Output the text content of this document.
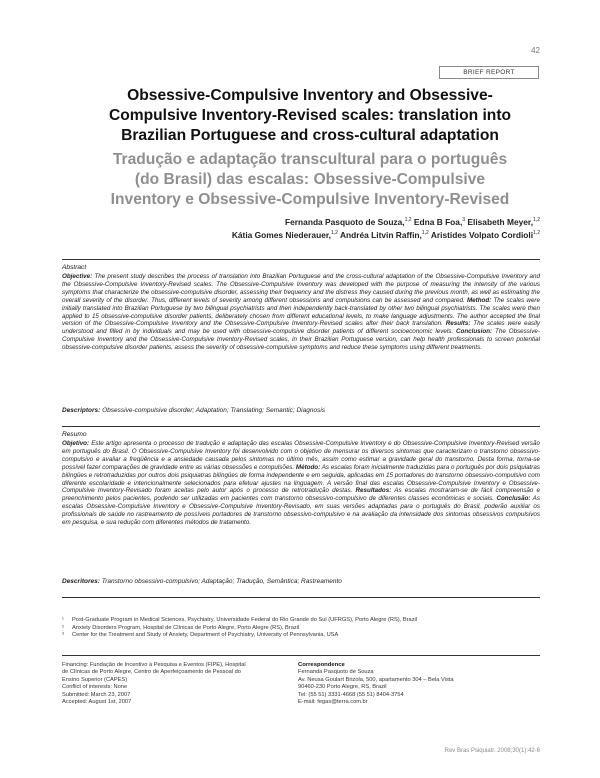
42
BRIEF REPORT
Obsessive-Compulsive Inventory and Obsessive-
Compulsive Inventory-Revised scales: translation into
Brazilian Portuguese and cross-cultural adaptation
Tradução e adaptação transcultural para o português
(do Brasil) das escalas: Obsessive-Compulsive
Inventory e Obsessive-Compulsive Inventory-Revised
Fernanda Pasquoto de Souza,$^{1,2}$ Edna B Foa,$^3$ Elisabeth Meyer,$^{1,2}$
Kátia Gomes Niederauer,$^{1,2}$ Andréa Litvin Raffin,$^{1,2}$ Aristides Volpato Cordioli$^{1,2}$
Abstract
Objective: The present study describes the process of translation into Brazilian Portuguese and the cross-cultural adaptation of the Obsessive-Compulsive Inventory and the Obsessive-Compulsive Inventory-Revised scales. The Obsessive-Compulsive Inventory was developed with the purpose of measuring the intensity of the various symptoms that characterize the obsessive-compulsive disorder, assessing their frequency and the distress they caused during the previous month, as well as estimating the overall severity of the disorder. Thus, different levels of severity among different obsessions and compulsions can be assessed and compared. Method: The scales were initially translated into Brazilian Portuguese by two bilingual psychiatrists and then independently back-translated by other two bilingual psychiatrists. The scales were then applied to 15 obsessive-compulsive disorder patients, deliberately chosen from different educational levels, to make language adjustments. The author accepted the final version of the Obsessive-Compulsive Inventory and the Obsessive-Compulsive Inventory-Revised scales after their back translation. Results: The scales were easily understood and filled in by individuals and may be used with obsessive-compulsive disorder patients of different socioeconomic levels. Conclusion: The Obsessive-Compulsive Inventory and the Obsessive-Compulsive Inventory-Revised scales, in their Brazilian Portuguese version, can help health professionals to screen potential obsessive-compulsive disorder patients, assess the severity of obsessive-compulsive symptoms and reduce these symptoms using different treatments.
Descriptors: Obsessive-compulsive disorder; Adaptation; Translating; Semantic; Diagnosis
Resumo
Objetivo: Este artigo apresenta o processo de tradução e adaptação das escalas Obsessive-Compulsive Inventory e do Obsessive-Compulsive Inventory-Revised versão em português do Brasil. O Obsessive-Compulsive Inventory foi desenvolvido com o objetivo de mensurar os diversos sintomas que caracterizam o transtorno obsessivo-compulsivo e avaliar a freqüência e a ansiedade causada pelos sintomas no último mês, assim como estimar a gravidade geral do transtorno. Desta forma, torna-se possível fazer comparações de gravidade entre as várias obsessões e compulsões. Método: As escalas foram inicialmente traduzidas para o português por dois psiquiatras bilíngües e retrotraduzidas por outros dois psiquiatras bilíngües de forma independente e em seguida, aplicadas em 15 portadores do transtorno obsessivo-compulsivo com diferente escolaridade e intencionalmente selecionados para efetuar ajustes na linguagem. A versão final das escalas Obsessive-Compulsive Inventory e Obsessive-Compulsive Inventory-Revisado foram aceitas pelo autor após o processo de retrotradução destas. Resultados: As escalas mostraram-se de fácil compreensão e preenchimento pelos pacientes, podendo ser utilizadas em pacientes com transtorno obsessivo-compulsivo de diferentes classes econômicas e sociais. Conclusão: As escalas Obsessive-Compulsive Inventory e Obsessive-Compulsive Inventory-Revisado, em suas versões adaptadas para o português do Brasil, poderão auxiliar os profissionais de saúde no rastreamento de possíveis portadores de transtorno obsessivo-compulsivo e na avaliação da intensidade dos sintomas obsessivos compulsivos em pesquisa, e sua redução com diferentes métodos de tratamento.
Descritores: Transtorno obsessivo-compulsivo; Adaptação; Tradução, Semântica; Rastreamento
¹	Post-Graduate Program in Medical Sciences, Psychiatry, Universidade Federal do Rio Grande do Sul (UFRGS), Porto Alegre (RS), Brazil
²	Anxiety Disorders Program, Hospital de Clínicas de Porto Alegre, Porto Alegre (RS), Brazil
³	Center for the Treatment and Study of Anxiety, Department of Psychiatry, University of Pennsylvania, USA
Financing: Fundação de Incentivo à Pesquisa e Eventos (FIPE), Hospital
de Clínicas de Porto Alegre, Centro de Aperfeiçoamento de Pessoal do
Ensino Superior (CAPES)
Conflict of interests: None
Submitted: March 23, 2007
Accepted: August 1st, 2007
Correspondence
Fernanda Pasquoto de Souza
Av. Neusa Goulart Brizola, 500, apartamento 304 – Bela Vista
90460-230 Porto Alegre, RS, Brazil
Tel: (55 51) 3331-4668 (55 51) 8404-3754
E-mail: fegas@terra.com.br
Rev Bras Psiquiatr. 2008;30(1):42-6
